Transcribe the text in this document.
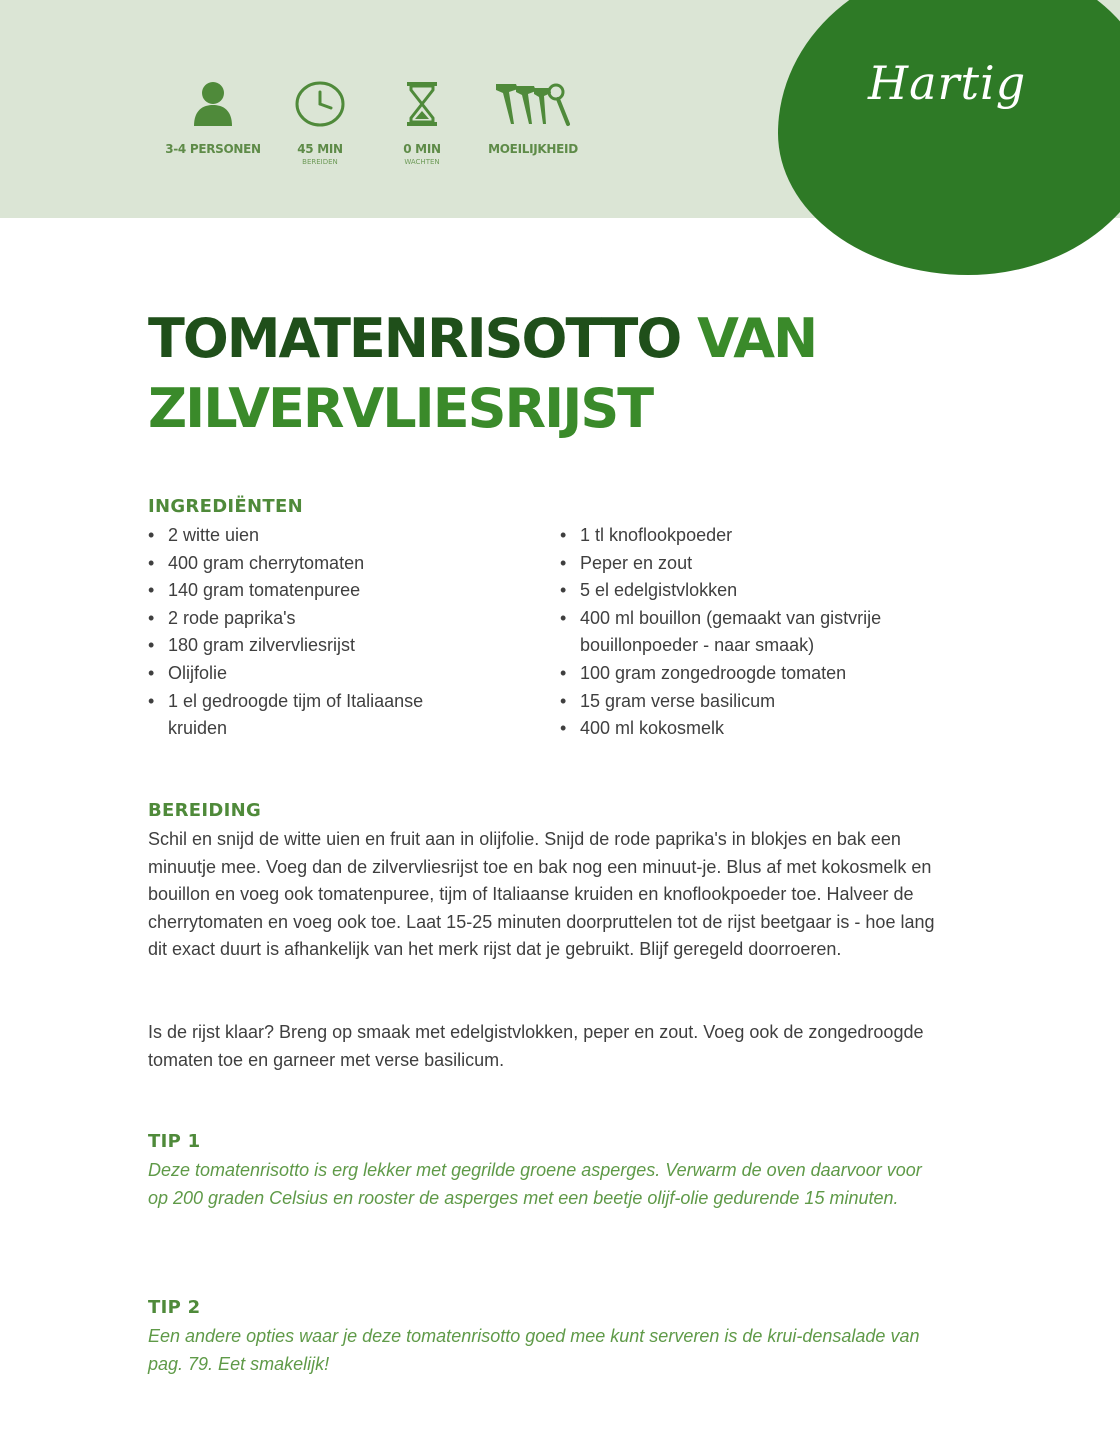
Hartig
3-4 PERSONEN	45 MIN
BEREIDEN
0 MIN
WACHTEN
MOEILIJKHEID
TOMATENRISOTTO VAN
ZILVERVLIESRIJST
INGREDIËNTEN
• 2 witte uien
• 400 gram cherrytomaten
• 140 gram tomatenpuree
• 2 rode paprika's
• 180 gram zilvervliesrijst
• Olijfolie
• 1 el gedroogde tijm of Italiaanse kruiden
• 1 tl knoflookpoeder
• Peper en zout
• 5 el edelgistvlokken
• 400 ml bouillon (gemaakt van gistvrije bouillonpoeder - naar smaak)
• 100 gram zongedroogde tomaten
• 15 gram verse basilicum
• 400 ml kokosmelk
BEREIDING

Schil en snijd de witte uien en fruit aan in olijfolie. Snijd de rode paprika's in blokjes en bak een minuutje mee. Voeg dan de zilvervliesrijst toe en bak nog een minuut-je. Blus af met kokosmelk en bouillon en voeg ook tomatenpuree, tijm of Italiaanse kruiden en knoflookpoeder toe. Halveer de cherrytomaten en voeg ook toe. Laat 15-25 minuten doorpruttelen tot de rijst beetgaar is - hoe lang dit exact duurt is afhankelijk van het merk rijst dat je gebruikt. Blijf geregeld doorroeren.

Is de rijst klaar? Breng op smaak met edelgistvlokken, peper en zout. Voeg ook de zongedroogde tomaten toe en garneer met verse basilicum.

TIP 1

Deze tomatenrisotto is erg lekker met gegrilde groene asperges. Verwarm de oven daarvoor voor op 200 graden Celsius en rooster de asperges met een beetje olijf-olie gedurende 15 minuten.

TIP 2

Een andere opties waar je deze tomatenrisotto goed mee kunt serveren is de krui-densalade van pag. 79. Eet smakelijk!
